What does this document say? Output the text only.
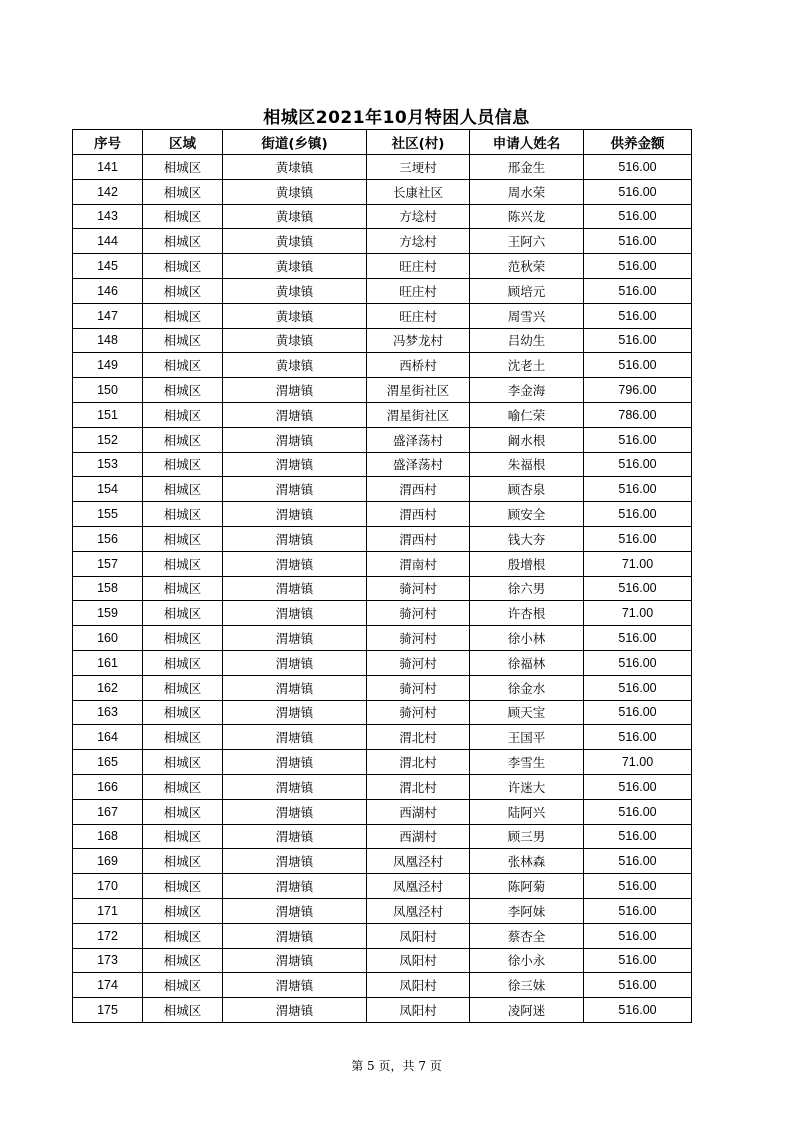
相城区2021年10月特困人员信息
序号	区域	街道(乡镇)	社区(村)	申请人姓名	供养金额
141	相城区	黄埭镇	三埂村	邢金生	516.00
142	相城区	黄埭镇	长康社区	周水荣	516.00
143	相城区	黄埭镇	方埝村	陈兴龙	516.00
144	相城区	黄埭镇	方埝村	王阿六	516.00
145	相城区	黄埭镇	旺庄村	范秋荣	516.00
146	相城区	黄埭镇	旺庄村	顾培元	516.00
147	相城区	黄埭镇	旺庄村	周雪兴	516.00
148	相城区	黄埭镇	冯梦龙村	吕幼生	516.00
149	相城区	黄埭镇	西桥村	沈老土	516.00
150	相城区	渭塘镇	渭星街社区	李金海	796.00
151	相城区	渭塘镇	渭星街社区	喻仁荣	786.00
152	相城区	渭塘镇	盛泽荡村	阚水根	516.00
153	相城区	渭塘镇	盛泽荡村	朱福根	516.00
154	相城区	渭塘镇	渭西村	顾杏泉	516.00
155	相城区	渭塘镇	渭西村	顾安全	516.00
156	相城区	渭塘镇	渭西村	钱大夯	516.00
157	相城区	渭塘镇	渭南村	殷增根	71.00
158	相城区	渭塘镇	骑河村	徐六男	516.00
159	相城区	渭塘镇	骑河村	许杏根	71.00
160	相城区	渭塘镇	骑河村	徐小林	516.00
161	相城区	渭塘镇	骑河村	徐福林	516.00
162	相城区	渭塘镇	骑河村	徐金水	516.00
163	相城区	渭塘镇	骑河村	顾天宝	516.00
164	相城区	渭塘镇	渭北村	王国平	516.00
165	相城区	渭塘镇	渭北村	李雪生	71.00
166	相城区	渭塘镇	渭北村	许迷大	516.00
167	相城区	渭塘镇	西湖村	陆阿兴	516.00
168	相城区	渭塘镇	西湖村	顾三男	516.00
169	相城区	渭塘镇	凤凰泾村	张林森	516.00
170	相城区	渭塘镇	凤凰泾村	陈阿菊	516.00
171	相城区	渭塘镇	凤凰泾村	李阿妹	516.00
172	相城区	渭塘镇	凤阳村	蔡杏全	516.00
173	相城区	渭塘镇	凤阳村	徐小永	516.00
174	相城区	渭塘镇	凤阳村	徐三妹	516.00
175	相城区	渭塘镇	凤阳村	凌阿迷	516.00
第 5 页，共 7 页
